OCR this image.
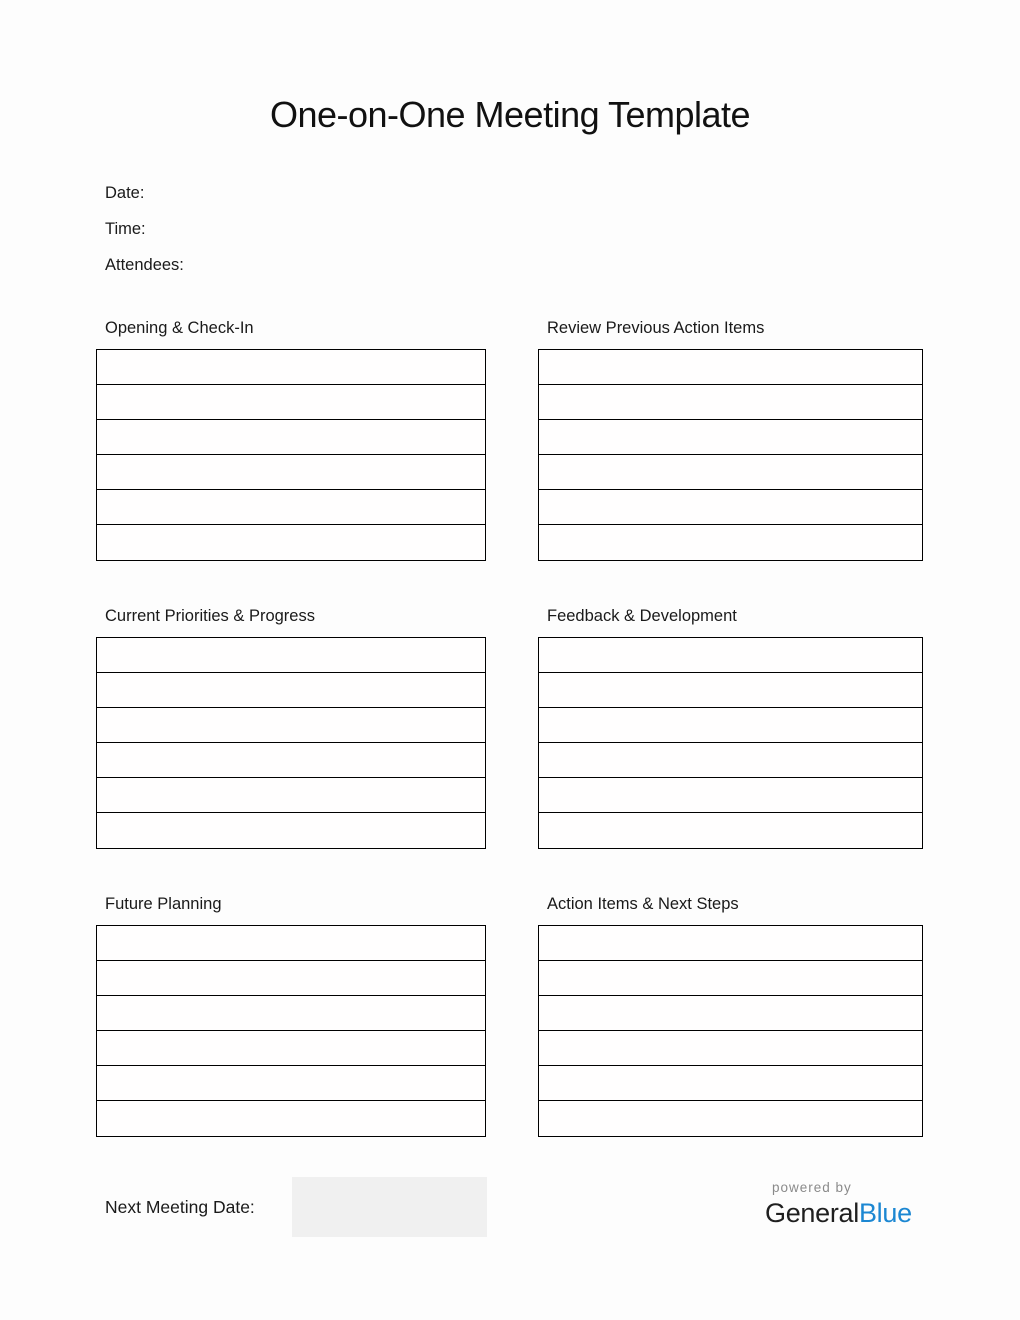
One-on-One Meeting Template
Date:
Time:
Attendees:
Opening & Check-In	Review Previous Action Items
Current Priorities & Progress	Feedback & Development
Future Planning	Action Items & Next Steps
Next Meeting Date:
powered by
GeneralBlue
